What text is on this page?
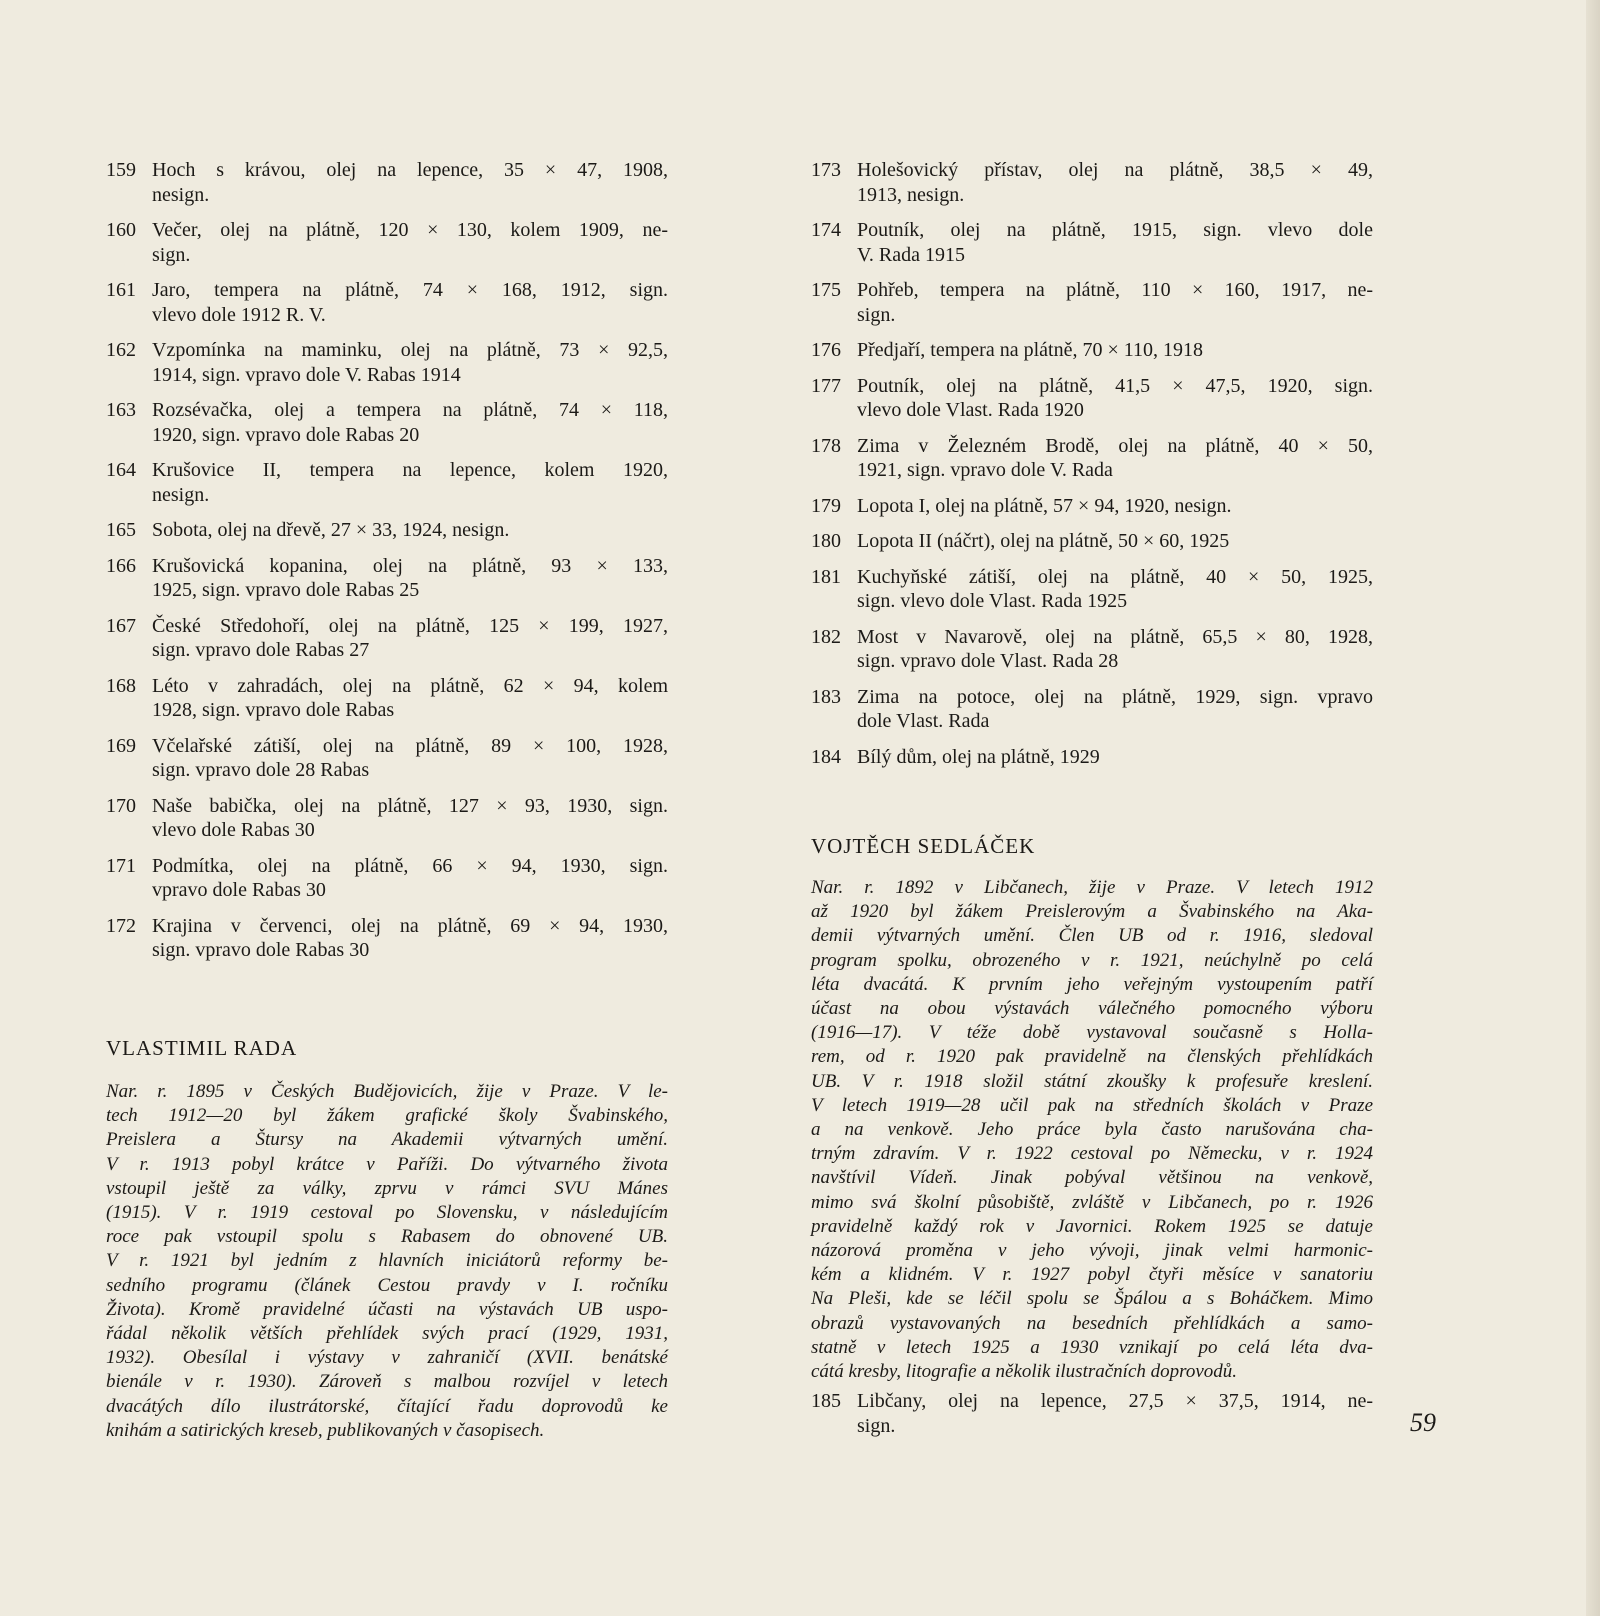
159 Hoch s krávou, olej na lepence, 35 × 47, 1908,
nesign.
160 Večer, olej na plátně, 120 × 130, kolem 1909, ne-
sign.
161 Jaro, tempera na plátně, 74 × 168, 1912, sign.
vlevo dole 1912 R. V.
162 Vzpomínka na maminku, olej na plátně, 73 × 92,5,
1914, sign. vpravo dole V. Rabas 1914
163 Rozsévačka, olej a tempera na plátně, 74 × 118,
1920, sign. vpravo dole Rabas 20
164 Krušovice II, tempera na lepence, kolem 1920,
nesign.
165 Sobota, olej na dřevě, 27 × 33, 1924, nesign.
166 Krušovická kopanina, olej na plátně, 93 × 133,
1925, sign. vpravo dole Rabas 25
167 České Středohoří, olej na plátně, 125 × 199, 1927,
sign. vpravo dole Rabas 27
168 Léto v zahradách, olej na plátně, 62 × 94, kolem
1928, sign. vpravo dole Rabas
169 Včelařské zátiší, olej na plátně, 89 × 100, 1928,
sign. vpravo dole 28 Rabas
170 Naše babička, olej na plátně, 127 × 93, 1930, sign.
vlevo dole Rabas 30
171 Podmítka, olej na plátně, 66 × 94, 1930, sign.
vpravo dole Rabas 30
172 Krajina v červenci, olej na plátně, 69 × 94, 1930,
sign. vpravo dole Rabas 30
173 Holešovický přístav, olej na plátně, 38,5 × 49,
1913, nesign.
174 Poutník, olej na plátně, 1915, sign. vlevo dole
V. Rada 1915
175 Pohřeb, tempera na plátně, 110 × 160, 1917, ne-
sign.
176 Předjaří, tempera na plátně, 70 × 110, 1918
177 Poutník, olej na plátně, 41,5 × 47,5, 1920, sign.
vlevo dole Vlast. Rada 1920
178 Zima v Železném Brodě, olej na plátně, 40 × 50,
1921, sign. vpravo dole V. Rada
179 Lopota I, olej na plátně, 57 × 94, 1920, nesign.
180 Lopota II (náčrt), olej na plátně, 50 × 60, 1925
181 Kuchyňské zátiší, olej na plátně, 40 × 50, 1925,
sign. vlevo dole Vlast. Rada 1925
182 Most v Navarově, olej na plátně, 65,5 × 80, 1928,
sign. vpravo dole Vlast. Rada 28
183 Zima na potoce, olej na plátně, 1929, sign. vpravo
dole Vlast. Rada
184 Bílý dům, olej na plátně, 1929
VLASTIMIL RADA
Nar. r. 1895 v Českých Budějovicích, žije v Praze. V le-
tech 1912—20 byl žákem grafické školy Švabinského,
Preislera a Štursy na Akademii výtvarných umění.
V r. 1913 pobyl krátce v Paříži. Do výtvarného života
vstoupil ještě za války, zprvu v rámci SVU Mánes
(1915). V r. 1919 cestoval po Slovensku, v následujícím
roce pak vstoupil spolu s Rabasem do obnovené UB.
V r. 1921 byl jedním z hlavních iniciátorů reformy be-
sedního programu (článek Cestou pravdy v I. ročníku
Života). Kromě pravidelné účasti na výstavách UB uspo-
řádal několik větších přehlídek svých prací (1929, 1931,
1932). Obesílal i výstavy v zahraničí (XVII. benátské
bienále v r. 1930). Zároveň s malbou rozvíjel v letech
dvacátých dílo ilustrátorské, čítající řadu doprovodů ke
knihám a satirických kreseb, publikovaných v časopisech.
VOJTĚCH SEDLÁČEK
Nar. r. 1892 v Libčanech, žije v Praze. V letech 1912
až 1920 byl žákem Preislerovým a Švabinského na Aka-
demii výtvarných umění. Člen UB od r. 1916, sledoval
program spolku, obrozeného v r. 1921, neúchylně po celá
léta dvacátá. K prvním jeho veřejným vystoupením patří
účast na obou výstavách válečného pomocného výboru
(1916—17). V téže době vystavoval současně s Holla-
rem, od r. 1920 pak pravidelně na členských přehlídkách
UB. V r. 1918 složil státní zkoušky k profesuře kreslení.
V letech 1919—28 učil pak na středních školách v Praze
a na venkově. Jeho práce byla často narušována cha-
trným zdravím. V r. 1922 cestoval po Německu, v r. 1924
navštívil Vídeň. Jinak pobýval většinou na venkově,
mimo svá školní působiště, zvláště v Libčanech, po r. 1926
pravidelně každý rok v Javornici. Rokem 1925 se datuje
názorová proměna v jeho vývoji, jinak velmi harmonic-
kém a klidném. V r. 1927 pobyl čtyři měsíce v sanatoriu
Na Pleši, kde se léčil spolu se Špálou a s Boháčkem. Mimo
obrazů vystavovaných na besedních přehlídkách a samo-
statně v letech 1925 a 1930 vznikají po celá léta dva-
cátá kresby, litografie a několik ilustračních doprovodů.
185 Libčany, olej na lepence, 27,5 × 37,5, 1914, ne-
sign.	59
